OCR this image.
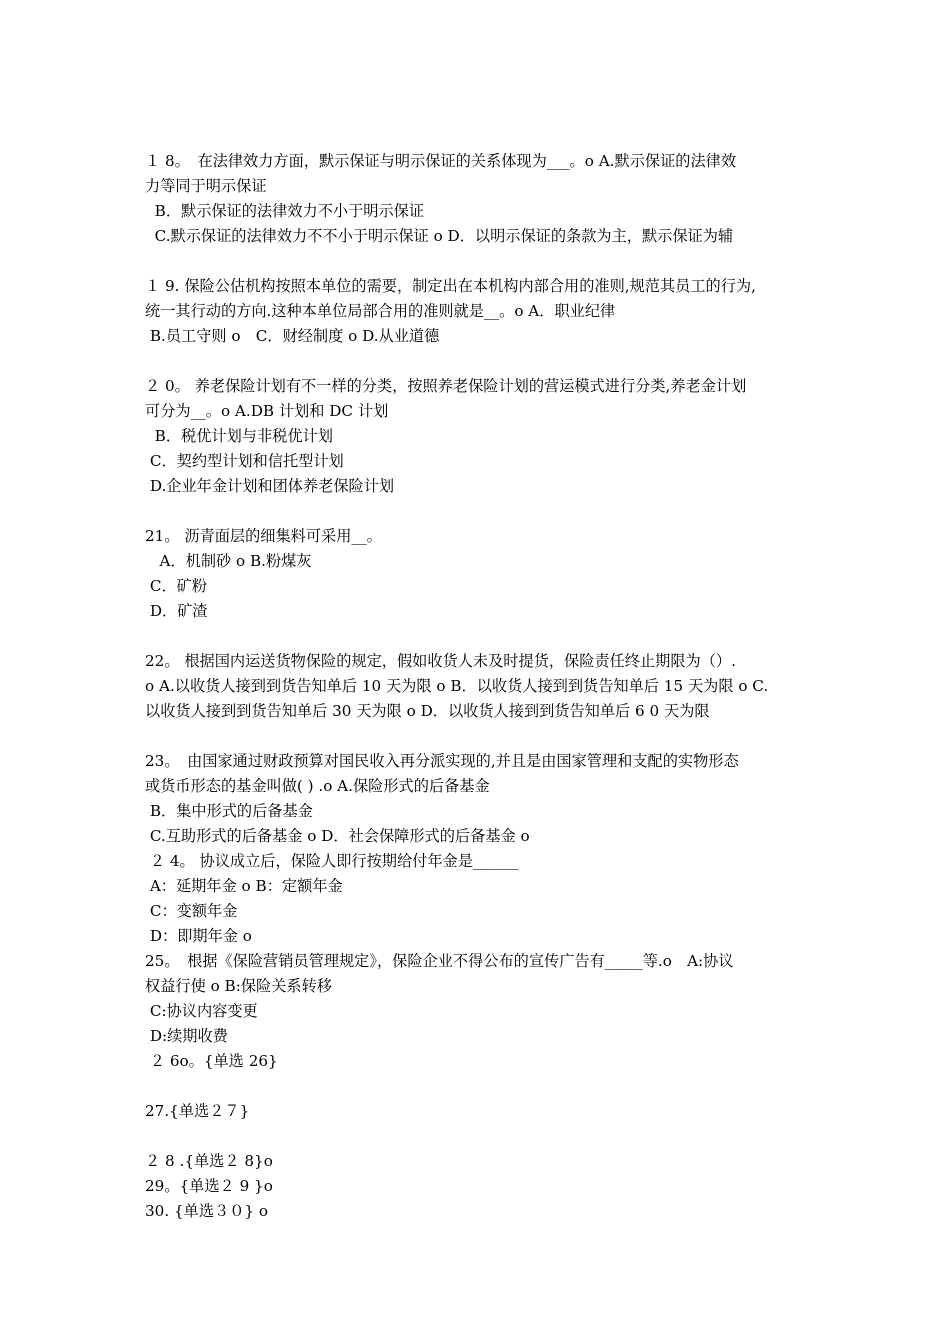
１ 8。　在法律效力方面，默示保证与明示保证的关系体现为___。o A.默示保证的法律效
力等同于明示保证
B．默示保证的法律效力不小于明示保证
C.默示保证的法律效力不不小于明示保证 o D．以明示保证的条款为主，默示保证为辅
１ 9. 保险公估机构按照本单位的需要，制定出在本机构内部合用的准则,规范其员工的行为,
统一其行动的方向.这种本单位局部合用的准则就是__。o A．职业纪律
B.员工守则 o　C．财经制度 o D.从业道德
２ 0。 养老保险计划有不一样的分类，按照养老保险计划的营运模式进行分类,养老金计划
可分为__。o A.DB 计划和 DC 计划
B．税优计划与非税优计划
C．契约型计划和信托型计划
D.企业年金计划和团体养老保险计划
21。 沥青面层的细集料可采用__。
A．机制砂 o B.粉煤灰
C．矿粉
D．矿渣
22。 根据国内运送货物保险的规定，假如收货人未及时提货，保险责任终止期限为（）.
o A.以收货人接到到货告知单后 10 天为限 o B．以收货人接到到货告知单后 15 天为限 o C.
以收货人接到到货告知单后 30 天为限 o D．以收货人接到到货告知单后 6 0 天为限
23。　由国家通过财政预算对国民收入再分派实现的,并且是由国家管理和支配的实物形态
或货币形态的基金叫做( ) .o A.保险形式的后备基金
B．集中形式的后备基金
C.互助形式的后备基金 o D．社会保障形式的后备基金 o
２ 4。 协议成立后，保险人即行按期给付年金是______
A：延期年金 o B：定额年金
C：变额年金
D：即期年金 o
25。　根据《保险营销员管理规定》，保险企业不得公布的宣传广告有_____等.o　A:协议
权益行使 o B:保险关系转移
C:协议内容变更
D:续期收费
２ 6o。{单选 26}
27.{单选２７}
２ 8 .{单选２ 8}o
29。{单选２ 9 }o
30. {单选３０} o
